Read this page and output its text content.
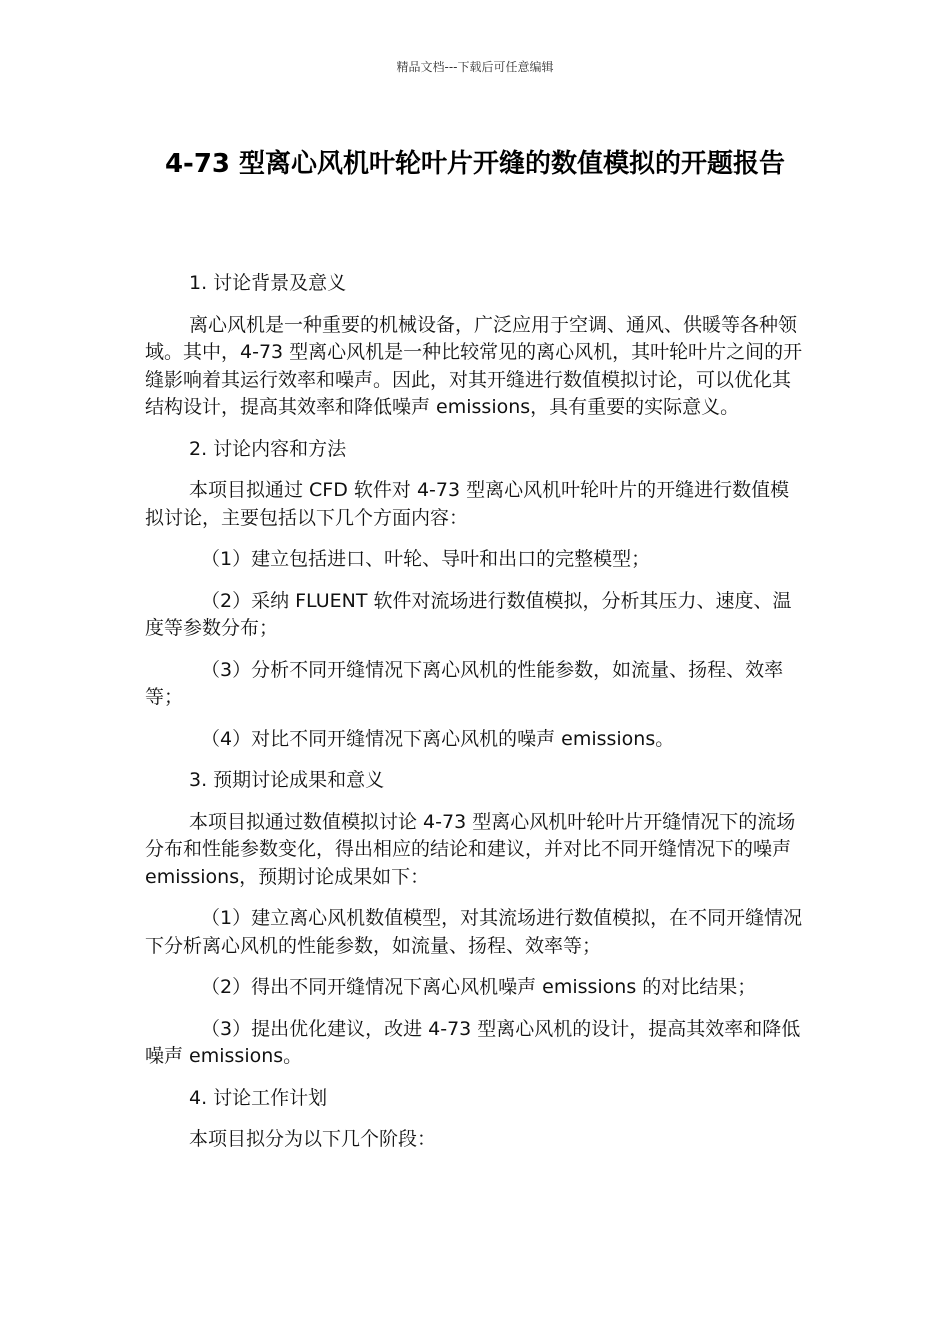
精品文档---下载后可任意编辑
4-73 型离心风机叶轮叶片开缝的数值模拟的开题报告

1. 讨论背景及意义

离心风机是一种重要的机械设备，广泛应用于空调、通风、供暖等各种领域。其中，4-73 型离心风机是一种比较常见的离心风机，其叶轮叶片之间的开缝影响着其运行效率和噪声。因此，对其开缝进行数值模拟讨论，可以优化其结构设计，提高其效率和降低噪声 emissions，具有重要的实际意义。

2. 讨论内容和方法

本项目拟通过 CFD 软件对 4-73 型离心风机叶轮叶片的开缝进行数值模拟讨论，主要包括以下几个方面内容：

（1）建立包括进口、叶轮、导叶和出口的完整模型；

（2）采纳 FLUENT 软件对流场进行数值模拟，分析其压力、速度、温度等参数分布；

（3）分析不同开缝情况下离心风机的性能参数，如流量、扬程、效率等；

（4）对比不同开缝情况下离心风机的噪声 emissions。

3. 预期讨论成果和意义

本项目拟通过数值模拟讨论 4-73 型离心风机叶轮叶片开缝情况下的流场分布和性能参数变化，得出相应的结论和建议，并对比不同开缝情况下的噪声 emissions，预期讨论成果如下：

（1）建立离心风机数值模型，对其流场进行数值模拟，在不同开缝情况下分析离心风机的性能参数，如流量、扬程、效率等；

（2）得出不同开缝情况下离心风机噪声 emissions 的对比结果；

（3）提出优化建议，改进 4-73 型离心风机的设计，提高其效率和降低噪声 emissions。

4. 讨论工作计划

本项目拟分为以下几个阶段：
